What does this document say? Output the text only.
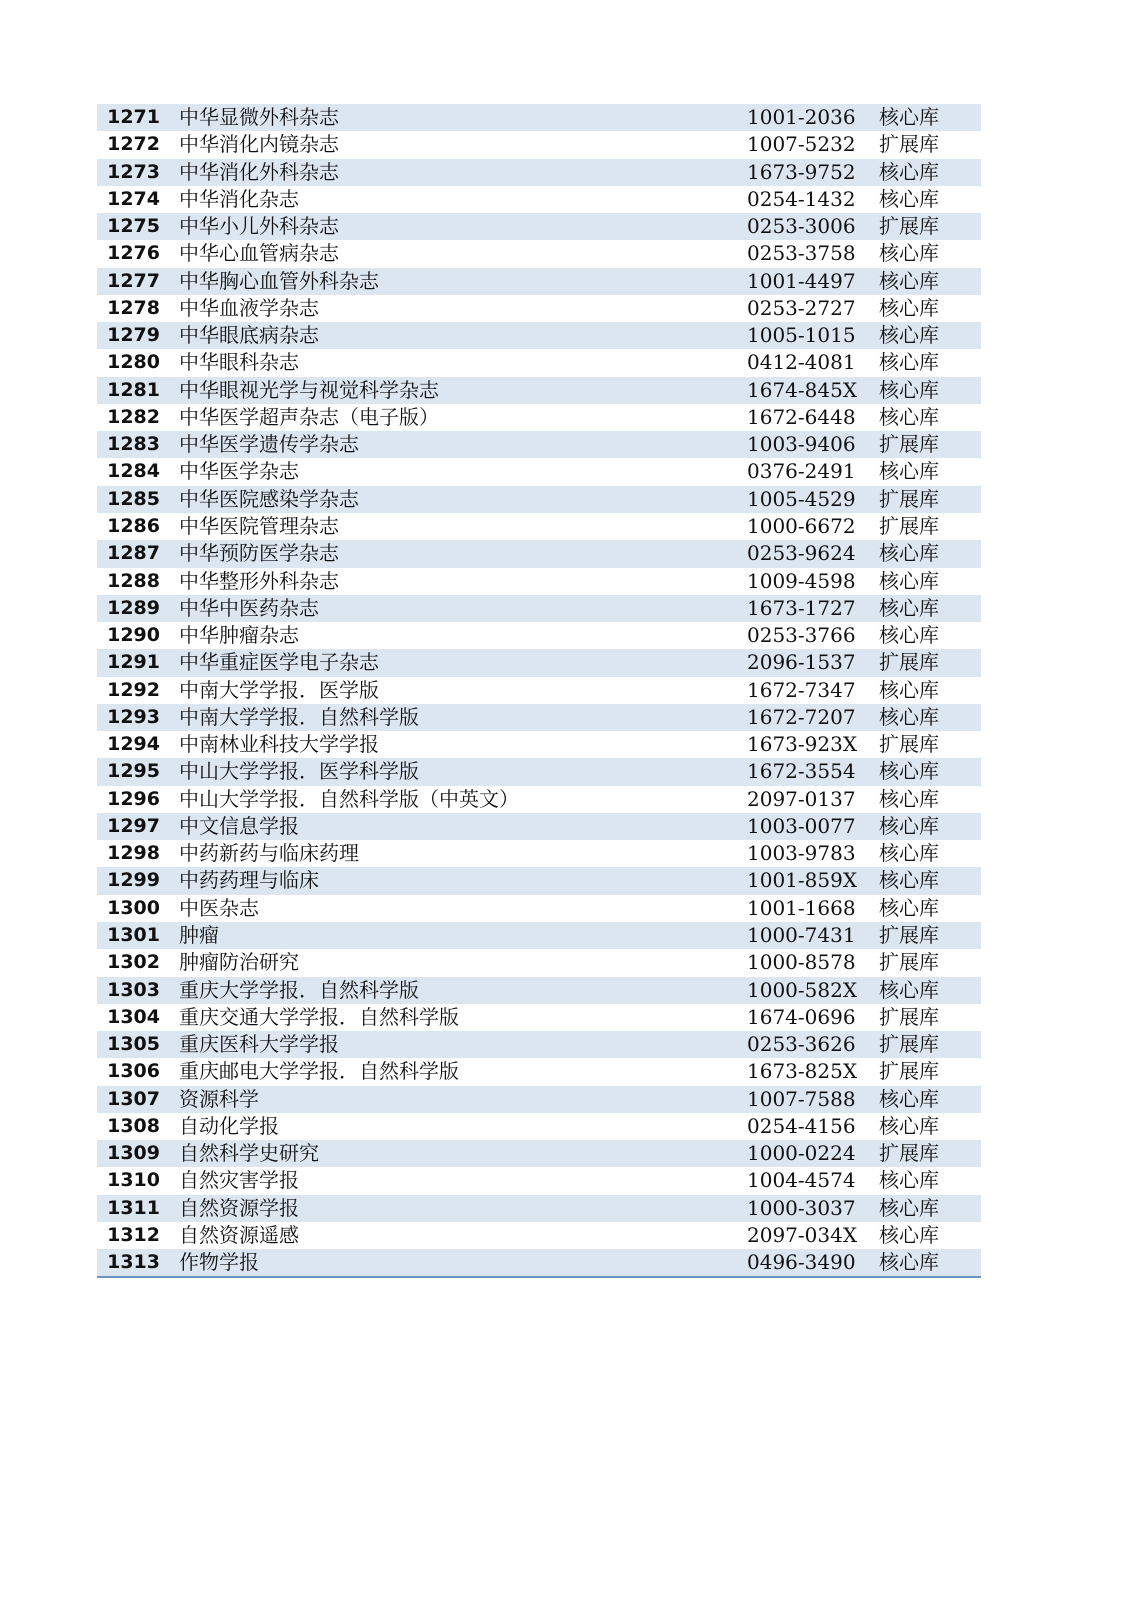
1271 中华显微外科杂志	1001-2036	核心库
1272 中华消化内镜杂志	1007-5232	扩展库
1273 中华消化外科杂志	1673-9752	核心库
1274 中华消化杂志	0254-1432	核心库
1275 中华小儿外科杂志	0253-3006	扩展库
1276 中华心血管病杂志	0253-3758	核心库
1277 中华胸心血管外科杂志	1001-4497	核心库
1278 中华血液学杂志	0253-2727	核心库
1279 中华眼底病杂志	1005-1015	核心库
1280 中华眼科杂志	0412-4081	核心库
1281 中华眼视光学与视觉科学杂志	1674-845X	核心库
1282 中华医学超声杂志（电子版）	1672-6448	核心库
1283 中华医学遗传学杂志	1003-9406	扩展库
1284 中华医学杂志	0376-2491	核心库
1285 中华医院感染学杂志	1005-4529	扩展库
1286 中华医院管理杂志	1000-6672	扩展库
1287 中华预防医学杂志	0253-9624	核心库
1288 中华整形外科杂志	1009-4598	核心库
1289 中华中医药杂志	1673-1727	核心库
1290 中华肿瘤杂志	0253-3766	核心库
1291 中华重症医学电子杂志	2096-1537	扩展库
1292 中南大学学报．医学版	1672-7347	核心库
1293 中南大学学报．自然科学版	1672-7207	核心库
1294 中南林业科技大学学报	1673-923X	扩展库
1295 中山大学学报．医学科学版	1672-3554	核心库
1296 中山大学学报．自然科学版（中英文）	2097-0137	核心库
1297 中文信息学报	1003-0077	核心库
1298 中药新药与临床药理	1003-9783	核心库
1299 中药药理与临床	1001-859X	核心库
1300 中医杂志	1001-1668	核心库
1301 肿瘤	1000-7431	扩展库
1302 肿瘤防治研究	1000-8578	扩展库
1303 重庆大学学报．自然科学版	1000-582X	核心库
1304 重庆交通大学学报．自然科学版	1674-0696	扩展库
1305 重庆医科大学学报	0253-3626	扩展库
1306 重庆邮电大学学报．自然科学版	1673-825X	扩展库
1307 资源科学	1007-7588	核心库
1308 自动化学报	0254-4156	核心库
1309 自然科学史研究	1000-0224	扩展库
1310 自然灾害学报	1004-4574	核心库
1311 自然资源学报	1000-3037	核心库
1312 自然资源遥感	2097-034X	核心库
1313 作物学报	0496-3490	核心库
